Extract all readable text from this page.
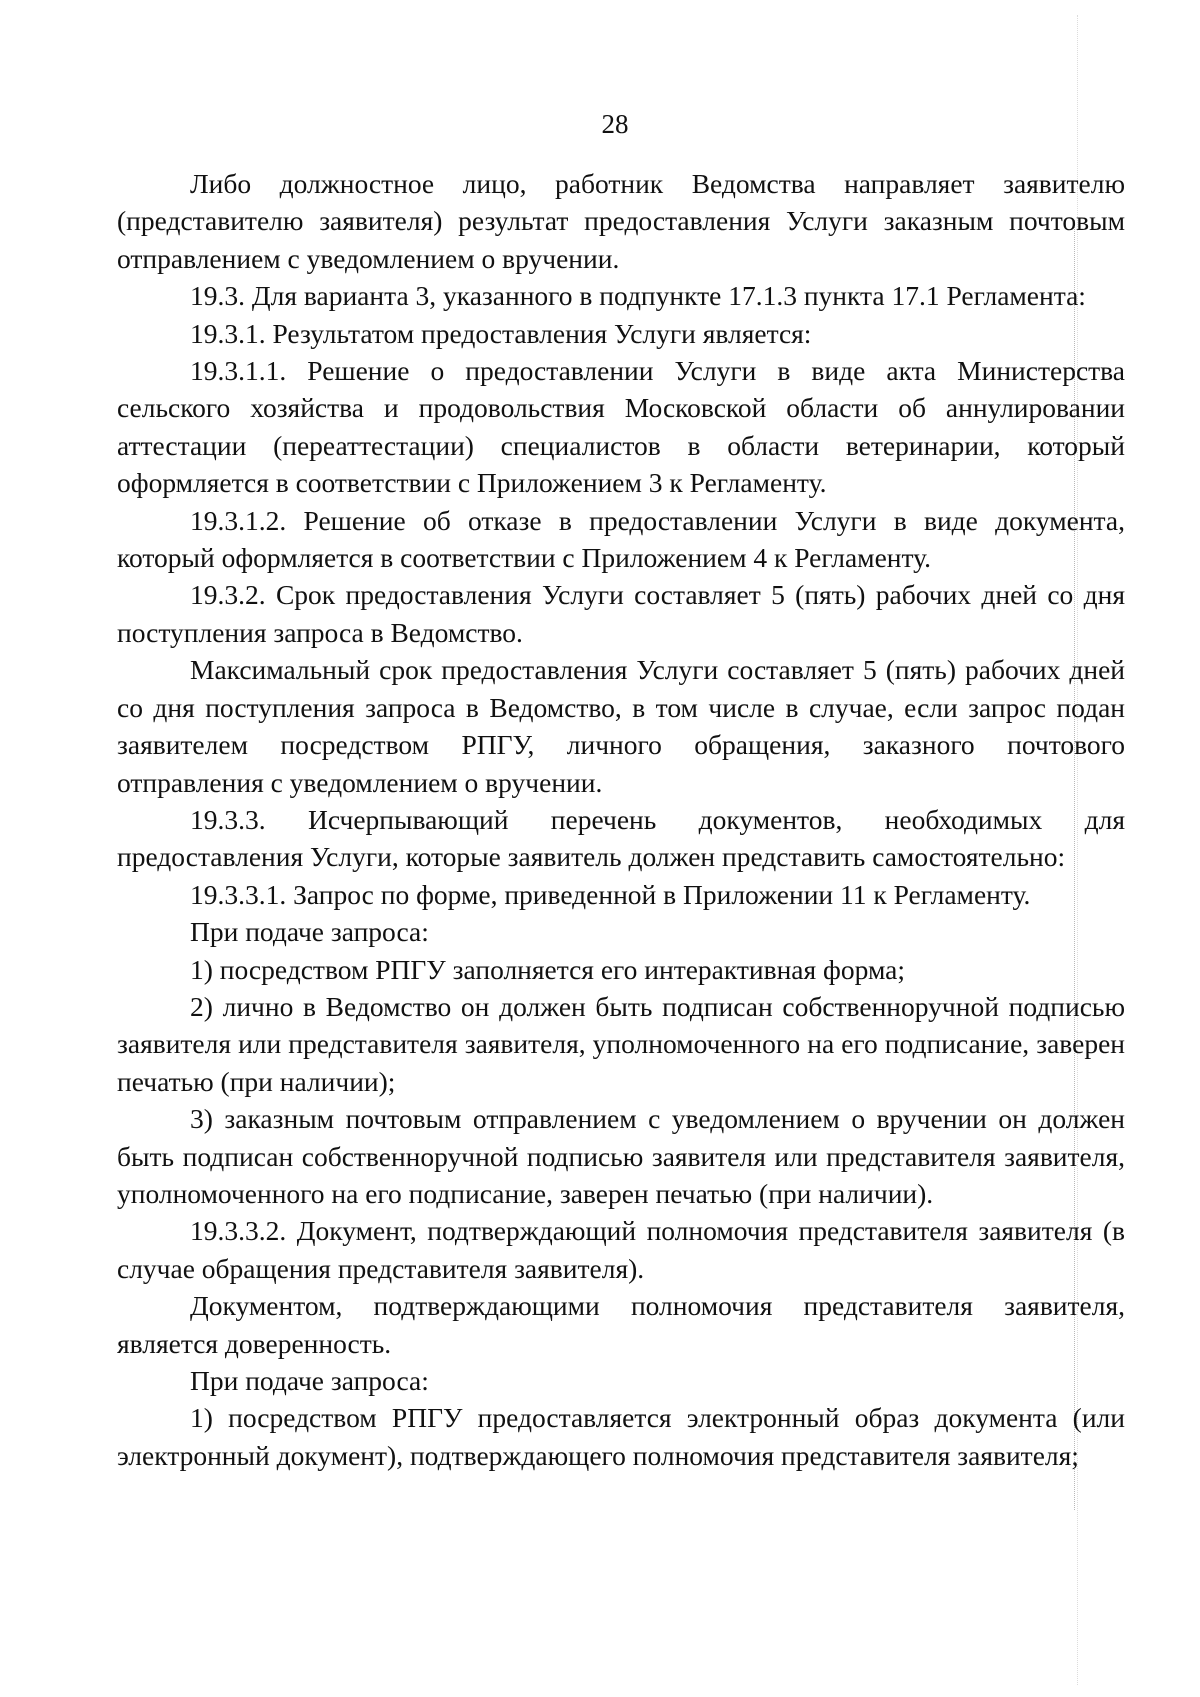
28

Либо должностное лицо, работник Ведомства направляет заявителю (представителю заявителя) результат предоставления Услуги заказным почтовым отправлением с уведомлением о вручении.

19.3. Для варианта 3, указанного в подпункте 17.1.3 пункта 17.1 Регламента:

19.3.1. Результатом предоставления Услуги является:

19.3.1.1. Решение о предоставлении Услуги в виде акта Министерства сельского хозяйства и продовольствия Московской области об аннулировании аттестации (переаттестации) специалистов в области ветеринарии, который оформляется в соответствии с Приложением 3 к Регламенту.

19.3.1.2. Решение об отказе в предоставлении Услуги в виде документа, который оформляется в соответствии с Приложением 4 к Регламенту.

19.3.2. Срок предоставления Услуги составляет 5 (пять) рабочих дней со дня поступления запроса в Ведомство.

Максимальный срок предоставления Услуги составляет 5 (пять) рабочих дней со дня поступления запроса в Ведомство, в том числе в случае, если запрос подан заявителем посредством РПГУ, личного обращения, заказного почтового отправления с уведомлением о вручении.

19.3.3. Исчерпывающий перечень документов, необходимых для предоставления Услуги, которые заявитель должен представить самостоятельно:

19.3.3.1. Запрос по форме, приведенной в Приложении 11 к Регламенту.

При подаче запроса:

1) посредством РПГУ заполняется его интерактивная форма;

2) лично в Ведомство он должен быть подписан собственноручной подписью заявителя или представителя заявителя, уполномоченного на его подписание, заверен печатью (при наличии);

3) заказным почтовым отправлением с уведомлением о вручении он должен быть подписан собственноручной подписью заявителя или представителя заявителя, уполномоченного на его подписание, заверен печатью (при наличии).

19.3.3.2. Документ, подтверждающий полномочия представителя заявителя (в случае обращения представителя заявителя).

Документом, подтверждающими полномочия представителя заявителя, является доверенность.

При подаче запроса:

1) посредством РПГУ предоставляется электронный образ документа (или электронный документ), подтверждающего полномочия представителя заявителя;
